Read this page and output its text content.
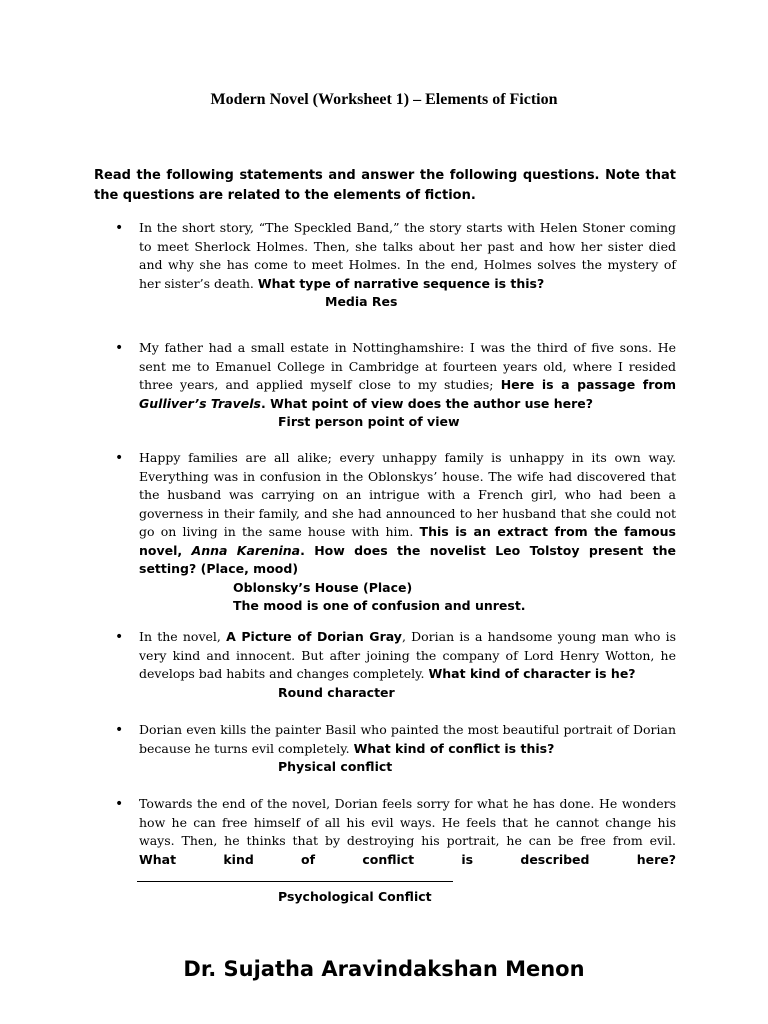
Modern Novel (Worksheet 1) – Elements of Fiction
Read the following statements and answer the following questions. Note that the questions are related to the elements of fiction.
• In the short story, “The Speckled Band,” the story starts with Helen Stoner coming to meet Sherlock Holmes. Then, she talks about her past and how her sister died and why she has come to meet Holmes. In the end, Holmes solves the mystery of her sister’s death. What type of narrative sequence is this?
Media Res
• My father had a small estate in Nottinghamshire: I was the third of five sons. He sent me to Emanuel College in Cambridge at fourteen years old, where I resided three years, and applied myself close to my studies; Here is a passage from Gulliver’s Travels. What point of view does the author use here?
First person point of view
• Happy families are all alike; every unhappy family is unhappy in its own way. Everything was in confusion in the Oblonskys’ house. The wife had discovered that the husband was carrying on an intrigue with a French girl, who had been a governess in their family, and she had announced to her husband that she could not go on living in the same house with him. This is an extract from the famous novel, Anna Karenina. How does the novelist Leo Tolstoy present the setting? (Place, mood)
Oblonsky’s House (Place)
The mood is one of confusion and unrest.
• In the novel, A Picture of Dorian Gray, Dorian is a handsome young man who is very kind and innocent. But after joining the company of Lord Henry Wotton, he develops bad habits and changes completely. What kind of character is he?
Round character
• Dorian even kills the painter Basil who painted the most beautiful portrait of Dorian because he turns evil completely. What kind of conflict is this?
Physical conflict
• Towards the end of the novel, Dorian feels sorry for what he has done. He wonders how he can free himself of all his evil ways. He feels that he cannot change his ways. Then, he thinks that by destroying his portrait, he can be free from evil. What kind of conflict is described here?
Psychological Conflict
Dr. Sujatha Aravindakshan Menon
